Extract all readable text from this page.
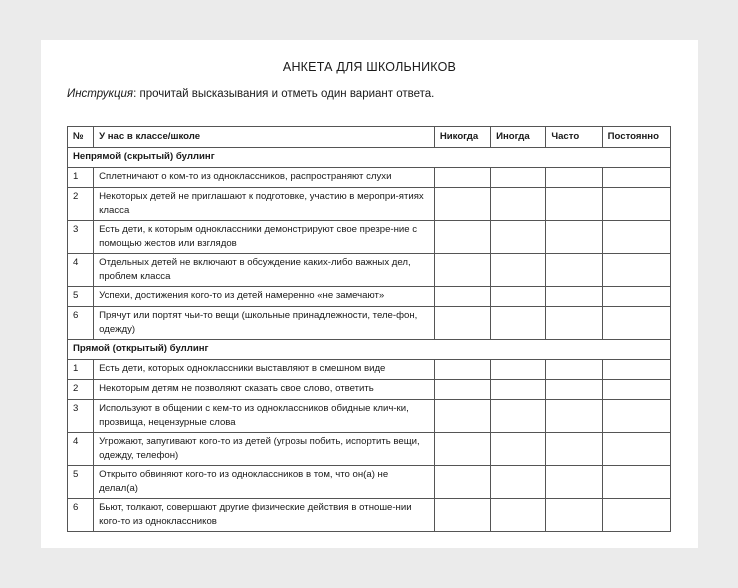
АНКЕТА ДЛЯ ШКОЛЬНИКОВ
Инструкция: прочитай высказывания и отметь один вариант ответа.
№	У нас в классе/школе	Никогда	Иногда	Часто	Постоянно
Непрямой (скрытый) буллинг					
1	Сплетничают о ком-то из одноклассников, распространяют слухи				
2	Некоторых детей не приглашают к подготовке, участию в меропри-ятиях класса				
3	Есть дети, к которым одноклассники демонстрируют свое презре-ние с помощью жестов или взглядов				
4	Отдельных детей не включают в обсуждение каких-либо важных дел, проблем класса				
5	Успехи, достижения кого-то из детей намеренно «не замечают»				
6	Прячут или портят чьи-то вещи (школьные принадлежности, теле-фон, одежду)				
Прямой (открытый) буллинг					
1	Есть дети, которых одноклассники выставляют в смешном виде				
2	Некоторым детям не позволяют сказать свое слово, ответить				
3	Используют в общении с кем-то из одноклассников обидные клич-ки, прозвища, нецензурные слова				
4	Угрожают, запугивают кого-то из детей (угрозы побить, испортить вещи, одежду, телефон)				
5	Открыто обвиняют кого-то из одноклассников в том, что он(а) не делал(а)				
6	Бьют, толкают, совершают другие физические действия в отноше-нии кого-то из одноклассников				
